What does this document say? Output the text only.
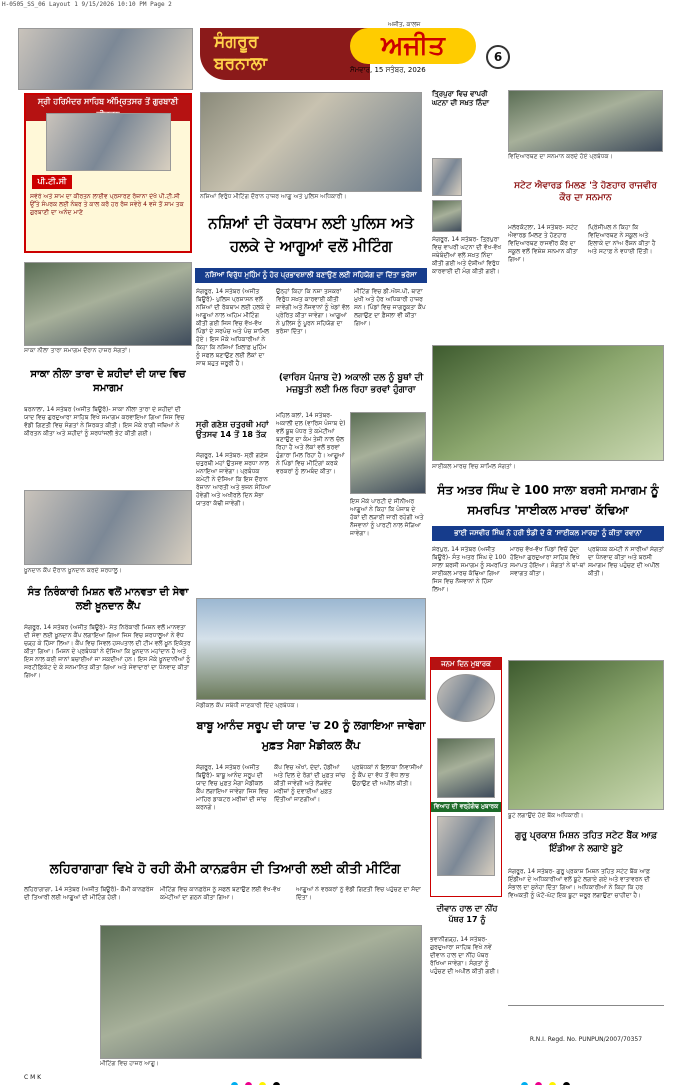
H-0505_SS_06 Layout 1 9/15/2026 10:10 PM Page 2
ਸੰਗਰੂਰ
ਬਰਨਾਲਾ
ਅਜੀਤ, ਕਾਲਜ
ਅਜੀਤ
ਸੋਮਵਾਰ, 15 ਸਤੰਬਰ, 2026
6
ਸ੍ਰੀ ਹਰਿਮੰਦਰ ਸਾਹਿਬ ਅੰਮ੍ਰਿਤਸਰ ਤੋਂ ਗੁਰਬਾਣੀ
ਪੀ.ਟੀ.ਸੀ
ਸਵੇਰੇ ਅਤੇ ਸ਼ਾਮ ਦਾ ਕੀਰਤਨ ਲਾਈਵ ਪ੍ਰਸਾਰਣ ਰੋਜ਼ਾਨਾ ਦੇਖੋ ਪੀ.ਟੀ.ਸੀ ਉੱਤੇ ਸੰਪਰਕ ਲਈ ਨੰਬਰ ਤੇ ਕਾਲ ਕਰੋ ਹਰ ਰੋਜ਼ ਸਵੇਰੇ 4 ਵਜੇ ਤੋਂ ਸ਼ਾਮ ਤਕ ਗੁਰਬਾਣੀ ਦਾ ਅਨੰਦ ਮਾਣੋ
ਨਸ਼ਿਆਂ ਵਿਰੁੱਧ ਮੀਟਿੰਗ ਦੌਰਾਨ ਹਾਜ਼ਰ ਆਗੂ ਅਤੇ ਪੁਲਿਸ ਅਧਿਕਾਰੀ।
ਨਸ਼ਿਆਂ ਦੀ ਰੋਕਥਾਮ ਲਈ ਪੁਲਿਸ ਅਤੇ ਹਲਕੇ ਦੇ ਆਗੂਆਂ ਵਲੋਂ ਮੀਟਿੰਗ
ਨਸ਼ਿਆਂ ਵਿਰੁੱਧ ਮੁਹਿੰਮ ਨੂੰ ਹੋਰ ਪ੍ਰਭਾਵਸ਼ਾਲੀ ਬਣਾਉਣ ਲਈ ਸਹਿਯੋਗ ਦਾ ਦਿੱਤਾ ਭਰੋਸਾ
ਸੰਗਰੂਰ, 14 ਸਤੰਬਰ (ਅਜੀਤ ਬਿਊਰੋ)- ਪੁਲਿਸ ਪ੍ਰਸ਼ਾਸਨ ਵਲੋਂ ਨਸ਼ਿਆਂ ਦੀ ਰੋਕਥਾਮ ਲਈ ਹਲਕੇ ਦੇ ਆਗੂਆਂ ਨਾਲ ਅਹਿਮ ਮੀਟਿੰਗ ਕੀਤੀ ਗਈ ਜਿਸ ਵਿਚ ਵੱਖ-ਵੱਖ ਪਿੰਡਾਂ ਦੇ ਸਰਪੰਚ ਅਤੇ ਪੰਚ ਸ਼ਾਮਿਲ ਹੋਏ। ਇਸ ਮੌਕੇ ਅਧਿਕਾਰੀਆਂ ਨੇ ਕਿਹਾ ਕਿ ਨਸ਼ਿਆਂ ਖ਼ਿਲਾਫ਼ ਮੁਹਿੰਮ ਨੂੰ ਸਫਲ ਬਣਾਉਣ ਲਈ ਲੋਕਾਂ ਦਾ ਸਾਥ ਬਹੁਤ ਜ਼ਰੂਰੀ ਹੈ।
ਉਨ੍ਹਾਂ ਕਿਹਾ ਕਿ ਨਸ਼ਾ ਤਸਕਰਾਂ ਵਿਰੁੱਧ ਸਖ਼ਤ ਕਾਰਵਾਈ ਕੀਤੀ ਜਾਵੇਗੀ ਅਤੇ ਨੌਜਵਾਨਾਂ ਨੂੰ ਖੇਡਾਂ ਵੱਲ ਪ੍ਰੇਰਿਤ ਕੀਤਾ ਜਾਵੇਗਾ। ਆਗੂਆਂ ਨੇ ਪੁਲਿਸ ਨੂੰ ਪੂਰਨ ਸਹਿਯੋਗ ਦਾ ਭਰੋਸਾ ਦਿੱਤਾ।
ਮੀਟਿੰਗ ਵਿਚ ਡੀ.ਐਸ.ਪੀ, ਥਾਣਾ ਮੁਖੀ ਅਤੇ ਹੋਰ ਅਧਿਕਾਰੀ ਹਾਜ਼ਰ ਸਨ। ਪਿੰਡਾਂ ਵਿਚ ਜਾਗਰੂਕਤਾ ਕੈਂਪ ਲਗਾਉਣ ਦਾ ਫ਼ੈਸਲਾ ਵੀ ਕੀਤਾ ਗਿਆ।
(ਵਾਰਿਸ ਪੰਜਾਬ ਦੇ) ਅਕਾਲੀ ਦਲ ਨੂੰ ਬੂਥਾਂ ਦੀ ਮਜ਼ਬੂਤੀ ਲਈ ਮਿਲ ਰਿਹਾ ਭਰਵਾਂ ਹੁੰਗਾਰਾ
ਸਾਕਾ ਨੀਲਾ ਤਾਰਾ ਸਮਾਗਮ ਦੌਰਾਨ ਹਾਜ਼ਰ ਸੰਗਤਾਂ।
ਸਾਕਾ ਨੀਲਾ ਤਾਰਾ ਦੇ ਸ਼ਹੀਦਾਂ ਦੀ ਯਾਦ ਵਿਚ ਸਮਾਗਮ
ਬਰਨਾਲਾ, 14 ਸਤੰਬਰ (ਅਜੀਤ ਬਿਊਰੋ)- ਸਾਕਾ ਨੀਲਾ ਤਾਰਾ ਦੇ ਸ਼ਹੀਦਾਂ ਦੀ ਯਾਦ ਵਿਚ ਗੁਰਦੁਆਰਾ ਸਾਹਿਬ ਵਿਖੇ ਸਮਾਗਮ ਕਰਵਾਇਆ ਗਿਆ ਜਿਸ ਵਿਚ ਵੱਡੀ ਗਿਣਤੀ ਵਿਚ ਸੰਗਤਾਂ ਨੇ ਸ਼ਿਰਕਤ ਕੀਤੀ। ਇਸ ਮੌਕੇ ਰਾਗੀ ਜਥਿਆਂ ਨੇ ਕੀਰਤਨ ਕੀਤਾ ਅਤੇ ਸ਼ਹੀਦਾਂ ਨੂੰ ਸ਼ਰਧਾਂਜਲੀ ਭੇਟ ਕੀਤੀ ਗਈ।
ਖ਼ੂਨਦਾਨ ਕੈਂਪ ਦੌਰਾਨ ਖ਼ੂਨਦਾਨ ਕਰਦੇ ਸ਼ਰਧਾਲੂ।
ਸੰਤ ਨਿਰੰਕਾਰੀ ਮਿਸ਼ਨ ਵਲੋਂ ਮਾਨਵਤਾ ਦੀ ਸੇਵਾ ਲਈ ਖ਼ੂਨਦਾਨ ਕੈਂਪ
ਸੰਗਰੂਰ, 14 ਸਤੰਬਰ (ਅਜੀਤ ਬਿਊਰੋ)- ਸੰਤ ਨਿਰੰਕਾਰੀ ਮਿਸ਼ਨ ਵਲੋਂ ਮਾਨਵਤਾ ਦੀ ਸੇਵਾ ਲਈ ਖ਼ੂਨਦਾਨ ਕੈਂਪ ਲਗਾਇਆ ਗਿਆ ਜਿਸ ਵਿਚ ਸ਼ਰਧਾਲੂਆਂ ਨੇ ਵੱਧ ਚੜ੍ਹ ਕੇ ਹਿੱਸਾ ਲਿਆ। ਕੈਂਪ ਵਿਚ ਸਿਵਲ ਹਸਪਤਾਲ ਦੀ ਟੀਮ ਵਲੋਂ ਖ਼ੂਨ ਇਕੱਤਰ ਕੀਤਾ ਗਿਆ। ਮਿਸ਼ਨ ਦੇ ਪ੍ਰਬੰਧਕਾਂ ਨੇ ਦੱਸਿਆ ਕਿ ਖ਼ੂਨਦਾਨ ਮਹਾਂਦਾਨ ਹੈ ਅਤੇ ਇਸ ਨਾਲ ਕਈ ਜਾਨਾਂ ਬਚਾਈਆਂ ਜਾ ਸਕਦੀਆਂ ਹਨ। ਇਸ ਮੌਕੇ ਖ਼ੂਨਦਾਨੀਆਂ ਨੂੰ ਸਰਟੀਫ਼ਿਕੇਟ ਦੇ ਕੇ ਸਨਮਾਨਿਤ ਕੀਤਾ ਗਿਆ ਅਤੇ ਸੇਵਾਦਾਰਾਂ ਦਾ ਧੰਨਵਾਦ ਕੀਤਾ ਗਿਆ।
ਸ੍ਰੀ ਗਣੇਸ਼ ਚਤੁਰਥੀ ਮਹਾਂ ਉਤਸਵ 14 ਤੋਂ 18 ਤੱਕ
ਸੰਗਰੂਰ, 14 ਸਤੰਬਰ- ਸ੍ਰੀ ਗਣੇਸ਼ ਚਤੁਰਥੀ ਮਹਾਂ ਉਤਸਵ ਸ਼ਰਧਾ ਨਾਲ ਮਨਾਇਆ ਜਾਵੇਗਾ। ਪ੍ਰਬੰਧਕ ਕਮੇਟੀ ਨੇ ਦੱਸਿਆ ਕਿ ਇਸ ਦੌਰਾਨ ਰੋਜ਼ਾਨਾ ਆਰਤੀ ਅਤੇ ਭਜਨ ਸੰਧਿਆ ਹੋਵੇਗੀ ਅਤੇ ਅਖੀਰਲੇ ਦਿਨ ਸ਼ੋਭਾ ਯਾਤਰਾ ਕੱਢੀ ਜਾਵੇਗੀ।
ਮਹਿਲ ਕਲਾਂ, 14 ਸਤੰਬਰ- ਅਕਾਲੀ ਦਲ (ਵਾਰਿਸ ਪੰਜਾਬ ਦੇ) ਵਲੋਂ ਬੂਥ ਪੱਧਰ ਤੇ ਕਮੇਟੀਆਂ ਬਣਾਉਣ ਦਾ ਕੰਮ ਤੇਜ਼ੀ ਨਾਲ ਚੱਲ ਰਿਹਾ ਹੈ ਅਤੇ ਲੋਕਾਂ ਵਲੋਂ ਭਰਵਾਂ ਹੁੰਗਾਰਾ ਮਿਲ ਰਿਹਾ ਹੈ। ਆਗੂਆਂ ਨੇ ਪਿੰਡਾਂ ਵਿਚ ਮੀਟਿੰਗਾਂ ਕਰਕੇ ਵਰਕਰਾਂ ਨੂੰ ਲਾਮਬੰਦ ਕੀਤਾ।
ਇਸ ਮੌਕੇ ਪਾਰਟੀ ਦੇ ਸੀਨੀਅਰ ਆਗੂਆਂ ਨੇ ਕਿਹਾ ਕਿ ਪੰਜਾਬ ਦੇ ਹੱਕਾਂ ਦੀ ਲੜਾਈ ਜਾਰੀ ਰਹੇਗੀ ਅਤੇ ਨੌਜਵਾਨਾਂ ਨੂੰ ਪਾਰਟੀ ਨਾਲ ਜੋੜਿਆ ਜਾਵੇਗਾ।
ਮੈਡੀਕਲ ਕੈਂਪ ਸਬੰਧੀ ਜਾਣਕਾਰੀ ਦਿੰਦੇ ਪ੍ਰਬੰਧਕ।
ਬਾਬੂ ਆਨੰਦ ਸਰੂਪ ਦੀ ਯਾਦ 'ਚ 20 ਨੂੰ ਲਗਾਇਆ ਜਾਵੇਗਾ ਮੁਫ਼ਤ ਮੈਗਾ ਮੈਡੀਕਲ ਕੈਂਪ
ਸੰਗਰੂਰ, 14 ਸਤੰਬਰ (ਅਜੀਤ ਬਿਊਰੋ)- ਬਾਬੂ ਆਨੰਦ ਸਰੂਪ ਦੀ ਯਾਦ ਵਿਚ ਮੁਫ਼ਤ ਮੈਗਾ ਮੈਡੀਕਲ ਕੈਂਪ ਲਗਾਇਆ ਜਾਵੇਗਾ ਜਿਸ ਵਿਚ ਮਾਹਿਰ ਡਾਕਟਰ ਮਰੀਜ਼ਾਂ ਦੀ ਜਾਂਚ ਕਰਨਗੇ।
ਕੈਂਪ ਵਿਚ ਅੱਖਾਂ, ਦੰਦਾਂ, ਹੱਡੀਆਂ ਅਤੇ ਦਿਲ ਦੇ ਰੋਗਾਂ ਦੀ ਮੁਫ਼ਤ ਜਾਂਚ ਕੀਤੀ ਜਾਵੇਗੀ ਅਤੇ ਲੋੜਵੰਦ ਮਰੀਜ਼ਾਂ ਨੂੰ ਦਵਾਈਆਂ ਮੁਫ਼ਤ ਦਿੱਤੀਆਂ ਜਾਣਗੀਆਂ।
ਪ੍ਰਬੰਧਕਾਂ ਨੇ ਇਲਾਕਾ ਨਿਵਾਸੀਆਂ ਨੂੰ ਕੈਂਪ ਦਾ ਵੱਧ ਤੋਂ ਵੱਧ ਲਾਭ ਉਠਾਉਣ ਦੀ ਅਪੀਲ ਕੀਤੀ।
ਤ੍ਰਿਪੁਰਾ ਵਿਚ ਵਾਪਰੀ ਘਟਨਾ ਦੀ ਸਖ਼ਤ ਨਿੰਦਾ
ਸੰਗਰੂਰ, 14 ਸਤੰਬਰ- ਤ੍ਰਿਪੁਰਾ ਵਿਚ ਵਾਪਰੀ ਘਟਨਾ ਦੀ ਵੱਖ-ਵੱਖ ਜਥੇਬੰਦੀਆਂ ਵਲੋਂ ਸਖ਼ਤ ਨਿੰਦਾ ਕੀਤੀ ਗਈ ਅਤੇ ਦੋਸ਼ੀਆਂ ਵਿਰੁੱਧ ਕਾਰਵਾਈ ਦੀ ਮੰਗ ਕੀਤੀ ਗਈ।
ਵਿਦਿਆਰਥਣ ਦਾ ਸਨਮਾਨ ਕਰਦੇ ਹੋਏ ਪ੍ਰਬੰਧਕ।
ਸਟੇਟ ਐਵਾਰਡ ਮਿਲਣ 'ਤੇ ਹੋਣਹਾਰ ਰਾਜਵੀਰ ਕੌਰ ਦਾ ਸਨਮਾਨ
ਮਲੇਰਕੋਟਲਾ, 14 ਸਤੰਬਰ- ਸਟੇਟ ਐਵਾਰਡ ਮਿਲਣ ਤੇ ਹੋਣਹਾਰ ਵਿਦਿਆਰਥਣ ਰਾਜਵੀਰ ਕੌਰ ਦਾ ਸਕੂਲ ਵਲੋਂ ਵਿਸ਼ੇਸ਼ ਸਨਮਾਨ ਕੀਤਾ ਗਿਆ।
ਪ੍ਰਿੰਸੀਪਲ ਨੇ ਕਿਹਾ ਕਿ ਵਿਦਿਆਰਥਣ ਨੇ ਸਕੂਲ ਅਤੇ ਇਲਾਕੇ ਦਾ ਨਾਂਅ ਰੌਸ਼ਨ ਕੀਤਾ ਹੈ ਅਤੇ ਸਟਾਫ਼ ਨੇ ਵਧਾਈ ਦਿੱਤੀ।
ਸਾਈਕਲ ਮਾਰਚ ਵਿਚ ਸ਼ਾਮਿਲ ਸੰਗਤਾਂ।
ਸੰਤ ਅਤਰ ਸਿੰਘ ਦੇ 100 ਸਾਲਾ ਬਰਸੀ ਸਮਾਗਮ ਨੂੰ ਸਮਰਪਿਤ 'ਸਾਈਕਲ ਮਾਰਚ' ਕੱਢਿਆ
ਭਾਈ ਜਸਵੀਰ ਸਿੰਘ ਨੇ ਹਰੀ ਝੰਡੀ ਦੇ ਕੇ 'ਸਾਈਕਲ ਮਾਰਚ' ਨੂੰ ਕੀਤਾ ਰਵਾਨਾ
ਸ਼ੇਰਪੁਰ, 14 ਸਤੰਬਰ (ਅਜੀਤ ਬਿਊਰੋ)- ਸੰਤ ਅਤਰ ਸਿੰਘ ਦੇ 100 ਸਾਲਾ ਬਰਸੀ ਸਮਾਗਮ ਨੂੰ ਸਮਰਪਿਤ ਸਾਈਕਲ ਮਾਰਚ ਕੱਢਿਆ ਗਿਆ ਜਿਸ ਵਿਚ ਨੌਜਵਾਨਾਂ ਨੇ ਹਿੱਸਾ ਲਿਆ।
ਮਾਰਚ ਵੱਖ-ਵੱਖ ਪਿੰਡਾਂ ਵਿਚੋਂ ਹੁੰਦਾ ਹੋਇਆ ਗੁਰਦੁਆਰਾ ਸਾਹਿਬ ਵਿਖੇ ਸਮਾਪਤ ਹੋਇਆ। ਸੰਗਤਾਂ ਨੇ ਥਾਂ-ਥਾਂ ਸਵਾਗਤ ਕੀਤਾ।
ਪ੍ਰਬੰਧਕ ਕਮੇਟੀ ਨੇ ਸਾਰੀਆਂ ਸੰਗਤਾਂ ਦਾ ਧੰਨਵਾਦ ਕੀਤਾ ਅਤੇ ਬਰਸੀ ਸਮਾਗਮ ਵਿਚ ਪਹੁੰਚਣ ਦੀ ਅਪੀਲ ਕੀਤੀ।
ਜਨਮ ਦਿਨ ਮੁਬਾਰਕ
ਵਿਆਹ ਦੀ ਵਰ੍ਹੇਗੰਢ ਮੁਬਾਰਕ
ਬੂਟੇ ਲਗਾਉਂਦੇ ਹੋਏ ਬੈਂਕ ਅਧਿਕਾਰੀ।
ਗੁਰੂ ਪ੍ਰਕਾਸ਼ ਮਿਸ਼ਨ ਤਹਿਤ ਸਟੇਟ ਬੈਂਕ ਆਫ਼ ਇੰਡੀਆ ਨੇ ਲਗਾਏ ਬੂਟੇ
ਸੰਗਰੂਰ, 14 ਸਤੰਬਰ- ਗੁਰੂ ਪ੍ਰਕਾਸ਼ ਮਿਸ਼ਨ ਤਹਿਤ ਸਟੇਟ ਬੈਂਕ ਆਫ਼ ਇੰਡੀਆ ਦੇ ਅਧਿਕਾਰੀਆਂ ਵਲੋਂ ਬੂਟੇ ਲਗਾਏ ਗਏ ਅਤੇ ਵਾਤਾਵਰਨ ਦੀ ਸੰਭਾਲ ਦਾ ਸੁਨੇਹਾ ਦਿੱਤਾ ਗਿਆ। ਅਧਿਕਾਰੀਆਂ ਨੇ ਕਿਹਾ ਕਿ ਹਰ ਵਿਅਕਤੀ ਨੂੰ ਘੱਟੋ-ਘੱਟ ਇਕ ਬੂਟਾ ਜ਼ਰੂਰ ਲਗਾਉਣਾ ਚਾਹੀਦਾ ਹੈ।
ਦੀਵਾਨ ਹਾਲ ਦਾ ਨੀਂਹ ਪੱਥਰ 17 ਨੂੰ
ਭਵਾਨੀਗੜ੍ਹ, 14 ਸਤੰਬਰ- ਗੁਰਦੁਆਰਾ ਸਾਹਿਬ ਵਿਖੇ ਨਵੇਂ ਦੀਵਾਨ ਹਾਲ ਦਾ ਨੀਂਹ ਪੱਥਰ ਰੱਖਿਆ ਜਾਵੇਗਾ। ਸੰਗਤਾਂ ਨੂੰ ਪਹੁੰਚਣ ਦੀ ਅਪੀਲ ਕੀਤੀ ਗਈ।
ਲਹਿਰਾਗਾਗਾ ਵਿਖੇ ਹੋ ਰਹੀ ਕੌਮੀ ਕਾਨਫ਼ਰੰਸ ਦੀ ਤਿਆਰੀ ਲਈ ਕੀਤੀ ਮੀਟਿੰਗ
ਲਹਿਰਾਗਾਗਾ, 14 ਸਤੰਬਰ (ਅਜੀਤ ਬਿਊਰੋ)- ਕੌਮੀ ਕਾਨਫ਼ਰੰਸ ਦੀ ਤਿਆਰੀ ਲਈ ਆਗੂਆਂ ਦੀ ਮੀਟਿੰਗ ਹੋਈ।
ਮੀਟਿੰਗ ਵਿਚ ਕਾਨਫ਼ਰੰਸ ਨੂੰ ਸਫਲ ਬਣਾਉਣ ਲਈ ਵੱਖ-ਵੱਖ ਕਮੇਟੀਆਂ ਦਾ ਗਠਨ ਕੀਤਾ ਗਿਆ।
ਆਗੂਆਂ ਨੇ ਵਰਕਰਾਂ ਨੂੰ ਵੱਡੀ ਗਿਣਤੀ ਵਿਚ ਪਹੁੰਚਣ ਦਾ ਸੱਦਾ ਦਿੱਤਾ।
ਮੀਟਿੰਗ ਵਿਚ ਹਾਜ਼ਰ ਆਗੂ।
R.N.I. Regd. No. PUNPUN/2007/70357
C M K
